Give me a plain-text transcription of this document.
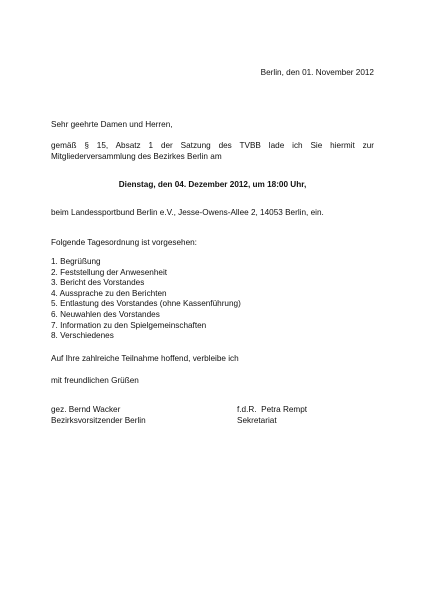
Berlin, den 01. November 2012
Sehr geehrte Damen und Herren,
gemäß § 15, Absatz 1 der Satzung des TVBB lade ich Sie hiermit zur Mitgliederversammlung des Bezirkes Berlin am
Dienstag, den 04. Dezember 2012, um 18:00 Uhr,
beim Landessportbund Berlin e.V., Jesse-Owens-Allee 2, 14053 Berlin, ein.
Folgende Tagesordnung ist vorgesehen:
1. Begrüßung
2. Feststellung der Anwesenheit
3. Bericht des Vorstandes
4. Aussprache zu den Berichten
5. Entlastung des Vorstandes (ohne Kassenführung)
6. Neuwahlen des Vorstandes
7. Information zu den Spielgemeinschaften
8. Verschiedenes
Auf Ihre zahlreiche Teilnahme hoffend, verbleibe ich
mit freundlichen Grüßen
gez. Bernd Wacker
Bezirksvorsitzender Berlin
f.d.R.  Petra Rempt
Sekretariat
